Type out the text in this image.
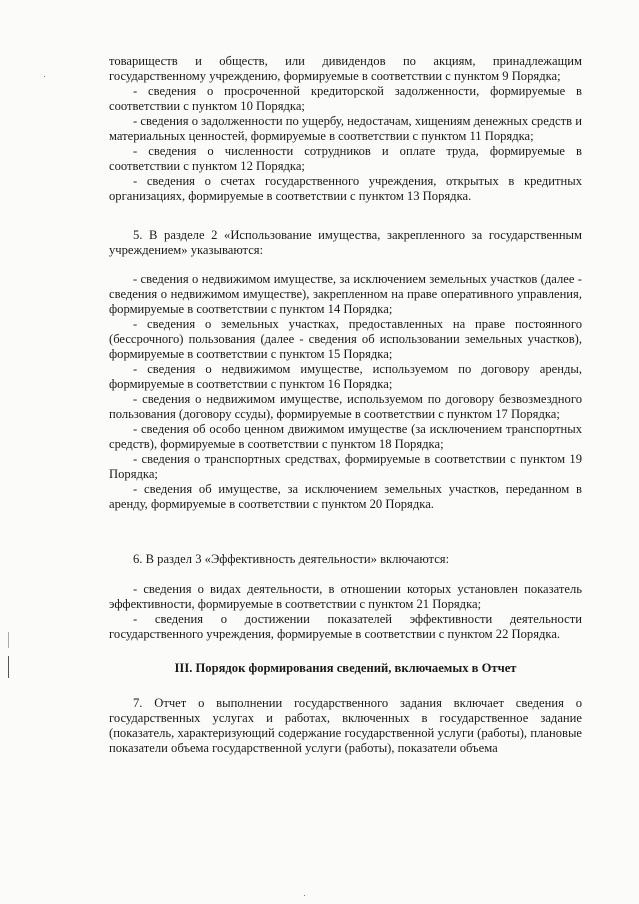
товариществ и обществ, или дивидендов по акциям, принадлежащим государственному учреждению, формируемые в соответствии с пунктом 9 Порядка;

- сведения о просроченной кредиторской задолженности, формируемые в соответствии с пунктом 10 Порядка;

- сведения о задолженности по ущербу, недостачам, хищениям денежных средств и материальных ценностей, формируемые в соответствии с пунктом 11 Порядка;

- сведения о численности сотрудников и оплате труда, формируемые в соответствии с пунктом 12 Порядка;

- сведения о счетах государственного учреждения, открытых в кредитных организациях, формируемые в соответствии с пунктом 13 Порядка.

5. В разделе 2 «Использование имущества, закрепленного за государственным учреждением» указываются:

- сведения о недвижимом имуществе, за исключением земельных участков (далее - сведения о недвижимом имуществе), закрепленном на праве оперативного управления, формируемые в соответствии с пунктом 14 Порядка;

- сведения о земельных участках, предоставленных на праве постоянного (бессрочного) пользования (далее - сведения об использовании земельных участков), формируемые в соответствии с пунктом 15 Порядка;

- сведения о недвижимом имуществе, используемом по договору аренды, формируемые в соответствии с пунктом 16 Порядка;

- сведения о недвижимом имуществе, используемом по договору безвозмездного пользования (договору ссуды), формируемые в соответствии с пунктом 17 Порядка;

- сведения об особо ценном движимом имуществе (за исключением транспортных средств), формируемые в соответствии с пунктом 18 Порядка;

- сведения о транспортных средствах, формируемые в соответствии с пунктом 19 Порядка;

- сведения об имуществе, за исключением земельных участков, переданном в аренду, формируемые в соответствии с пунктом 20 Порядка.

6. В раздел 3 «Эффективность деятельности» включаются:

- сведения о видах деятельности, в отношении которых установлен показатель эффективности, формируемые в соответствии с пунктом 21 Порядка;

- сведения о достижении показателей эффективности деятельности государственного учреждения, формируемые в соответствии с пунктом 22 Порядка.

III. Порядок формирования сведений, включаемых в Отчет

7. Отчет о выполнении государственного задания включает сведения о государственных услугах и работах, включенных в государственное задание (показатель, характеризующий содержание государственной услуги (работы), плановые показатели объема государственной услуги (работы), показатели объема
